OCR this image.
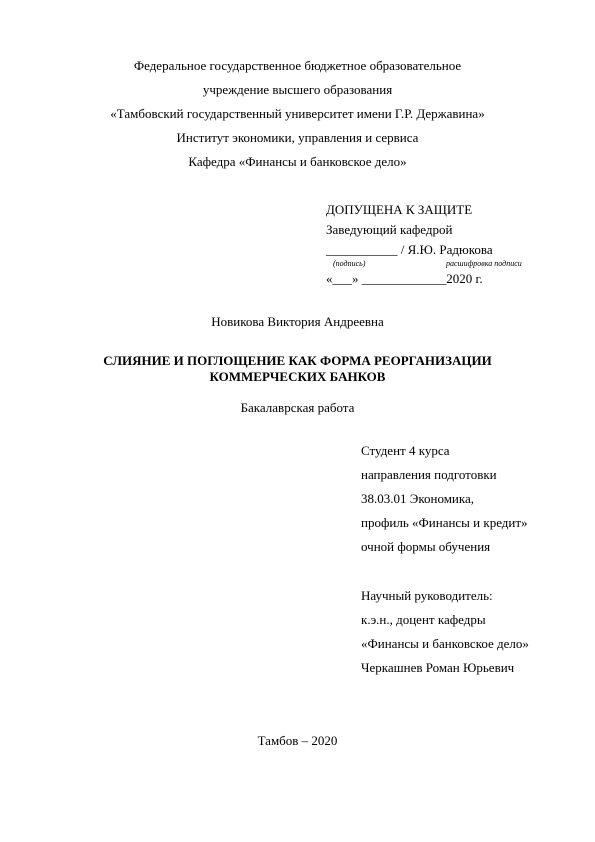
Федеральное государственное бюджетное образовательное
учреждение высшего образования
«Тамбовский государственный университет имени Г.Р. Державина»
Институт экономики, управления и сервиса
Кафедра «Финансы и банковское дело»
ДОПУЩЕНА К ЗАЩИТЕ
Заведующий кафедрой
___________ / Я.Ю. Радюкова
(подпись)	расшифровка подписи
«___» _____________2020 г.
Новикова Виктория Андреевна
СЛИЯНИЕ И ПОГЛОЩЕНИЕ КАК ФОРМА РЕОРГАНИЗАЦИИ
КОММЕРЧЕСКИХ БАНКОВ
Бакалаврская работа
Студент 4 курса
направления подготовки
38.03.01 Экономика,
профиль «Финансы и кредит»
очной формы обучения
Научный руководитель:
к.э.н., доцент кафедры
«Финансы и банковское дело»
Черкашнев Роман Юрьевич
Тамбов – 2020
